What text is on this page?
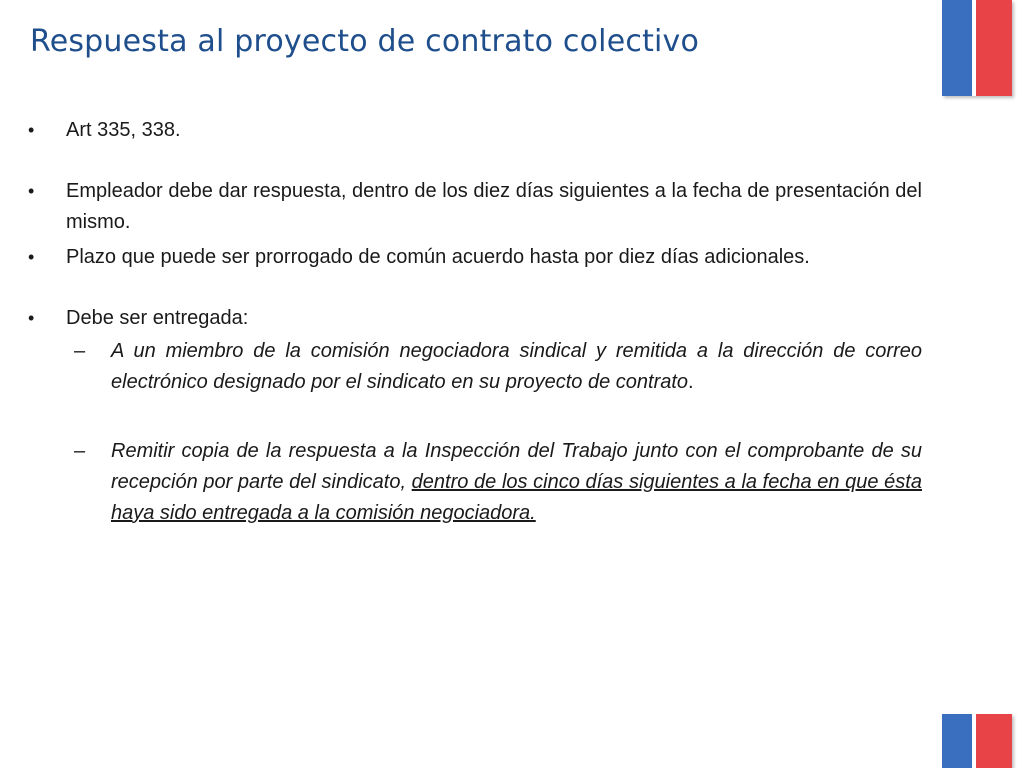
Respuesta al proyecto de contrato colectivo
•	Art 335, 338.
•	Empleador debe dar respuesta, dentro de los diez días siguientes a la fecha de presentación del mismo.
•	Plazo que puede ser prorrogado de común acuerdo hasta por diez días adicionales.
•	Debe ser entregada:
– A un miembro de la comisión negociadora sindical y remitida a la dirección de correo electrónico designado por el sindicato en su proyecto de contrato.
– Remitir copia de la respuesta a la Inspección del Trabajo junto con el comprobante de su recepción por parte del sindicato, dentro de los cinco días siguientes a la fecha en que ésta haya sido entregada a la comisión negociadora.
